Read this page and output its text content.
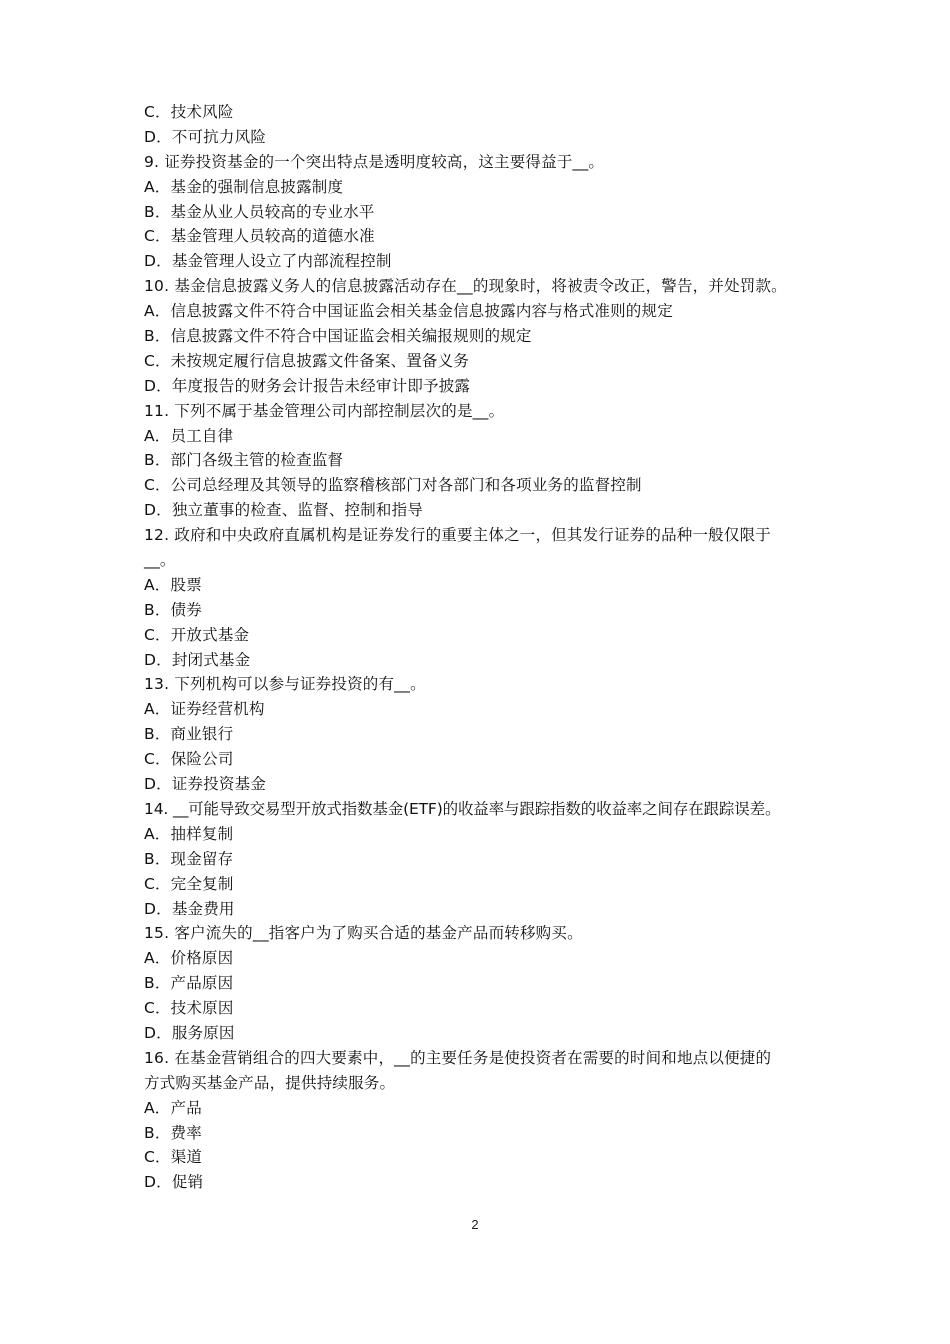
C．技术风险
D．不可抗力风险
9. 证券投资基金的一个突出特点是透明度较高，这主要得益于__。
A．基金的强制信息披露制度
B．基金从业人员较高的专业水平
C．基金管理人员较高的道德水准
D．基金管理人设立了内部流程控制
10. 基金信息披露义务人的信息披露活动存在__的现象时，将被责令改正，警告，并处罚款。
A．信息披露文件不符合中国证监会相关基金信息披露内容与格式准则的规定
B．信息披露文件不符合中国证监会相关编报规则的规定
C．未按规定履行信息披露文件备案、置备义务
D．年度报告的财务会计报告未经审计即予披露
11. 下列不属于基金管理公司内部控制层次的是__。
A．员工自律
B．部门各级主管的检查监督
C．公司总经理及其领导的监察稽核部门对各部门和各项业务的监督控制
D．独立董事的检查、监督、控制和指导
12. 政府和中央政府直属机构是证券发行的重要主体之一，但其发行证券的品种一般仅限于
__。
A．股票
B．债券
C．开放式基金
D．封闭式基金
13. 下列机构可以参与证券投资的有__。
A．证券经营机构
B．商业银行
C．保险公司
D．证券投资基金
14. __可能导致交易型开放式指数基金(ETF)的收益率与跟踪指数的收益率之间存在跟踪误差。
A．抽样复制
B．现金留存
C．完全复制
D．基金费用
15. 客户流失的__指客户为了购买合适的基金产品而转移购买。
A．价格原因
B．产品原因
C．技术原因
D．服务原因
16. 在基金营销组合的四大要素中，__的主要任务是使投资者在需要的时间和地点以便捷的
方式购买基金产品，提供持续服务。
A．产品
B．费率
C．渠道
D．促销
2
